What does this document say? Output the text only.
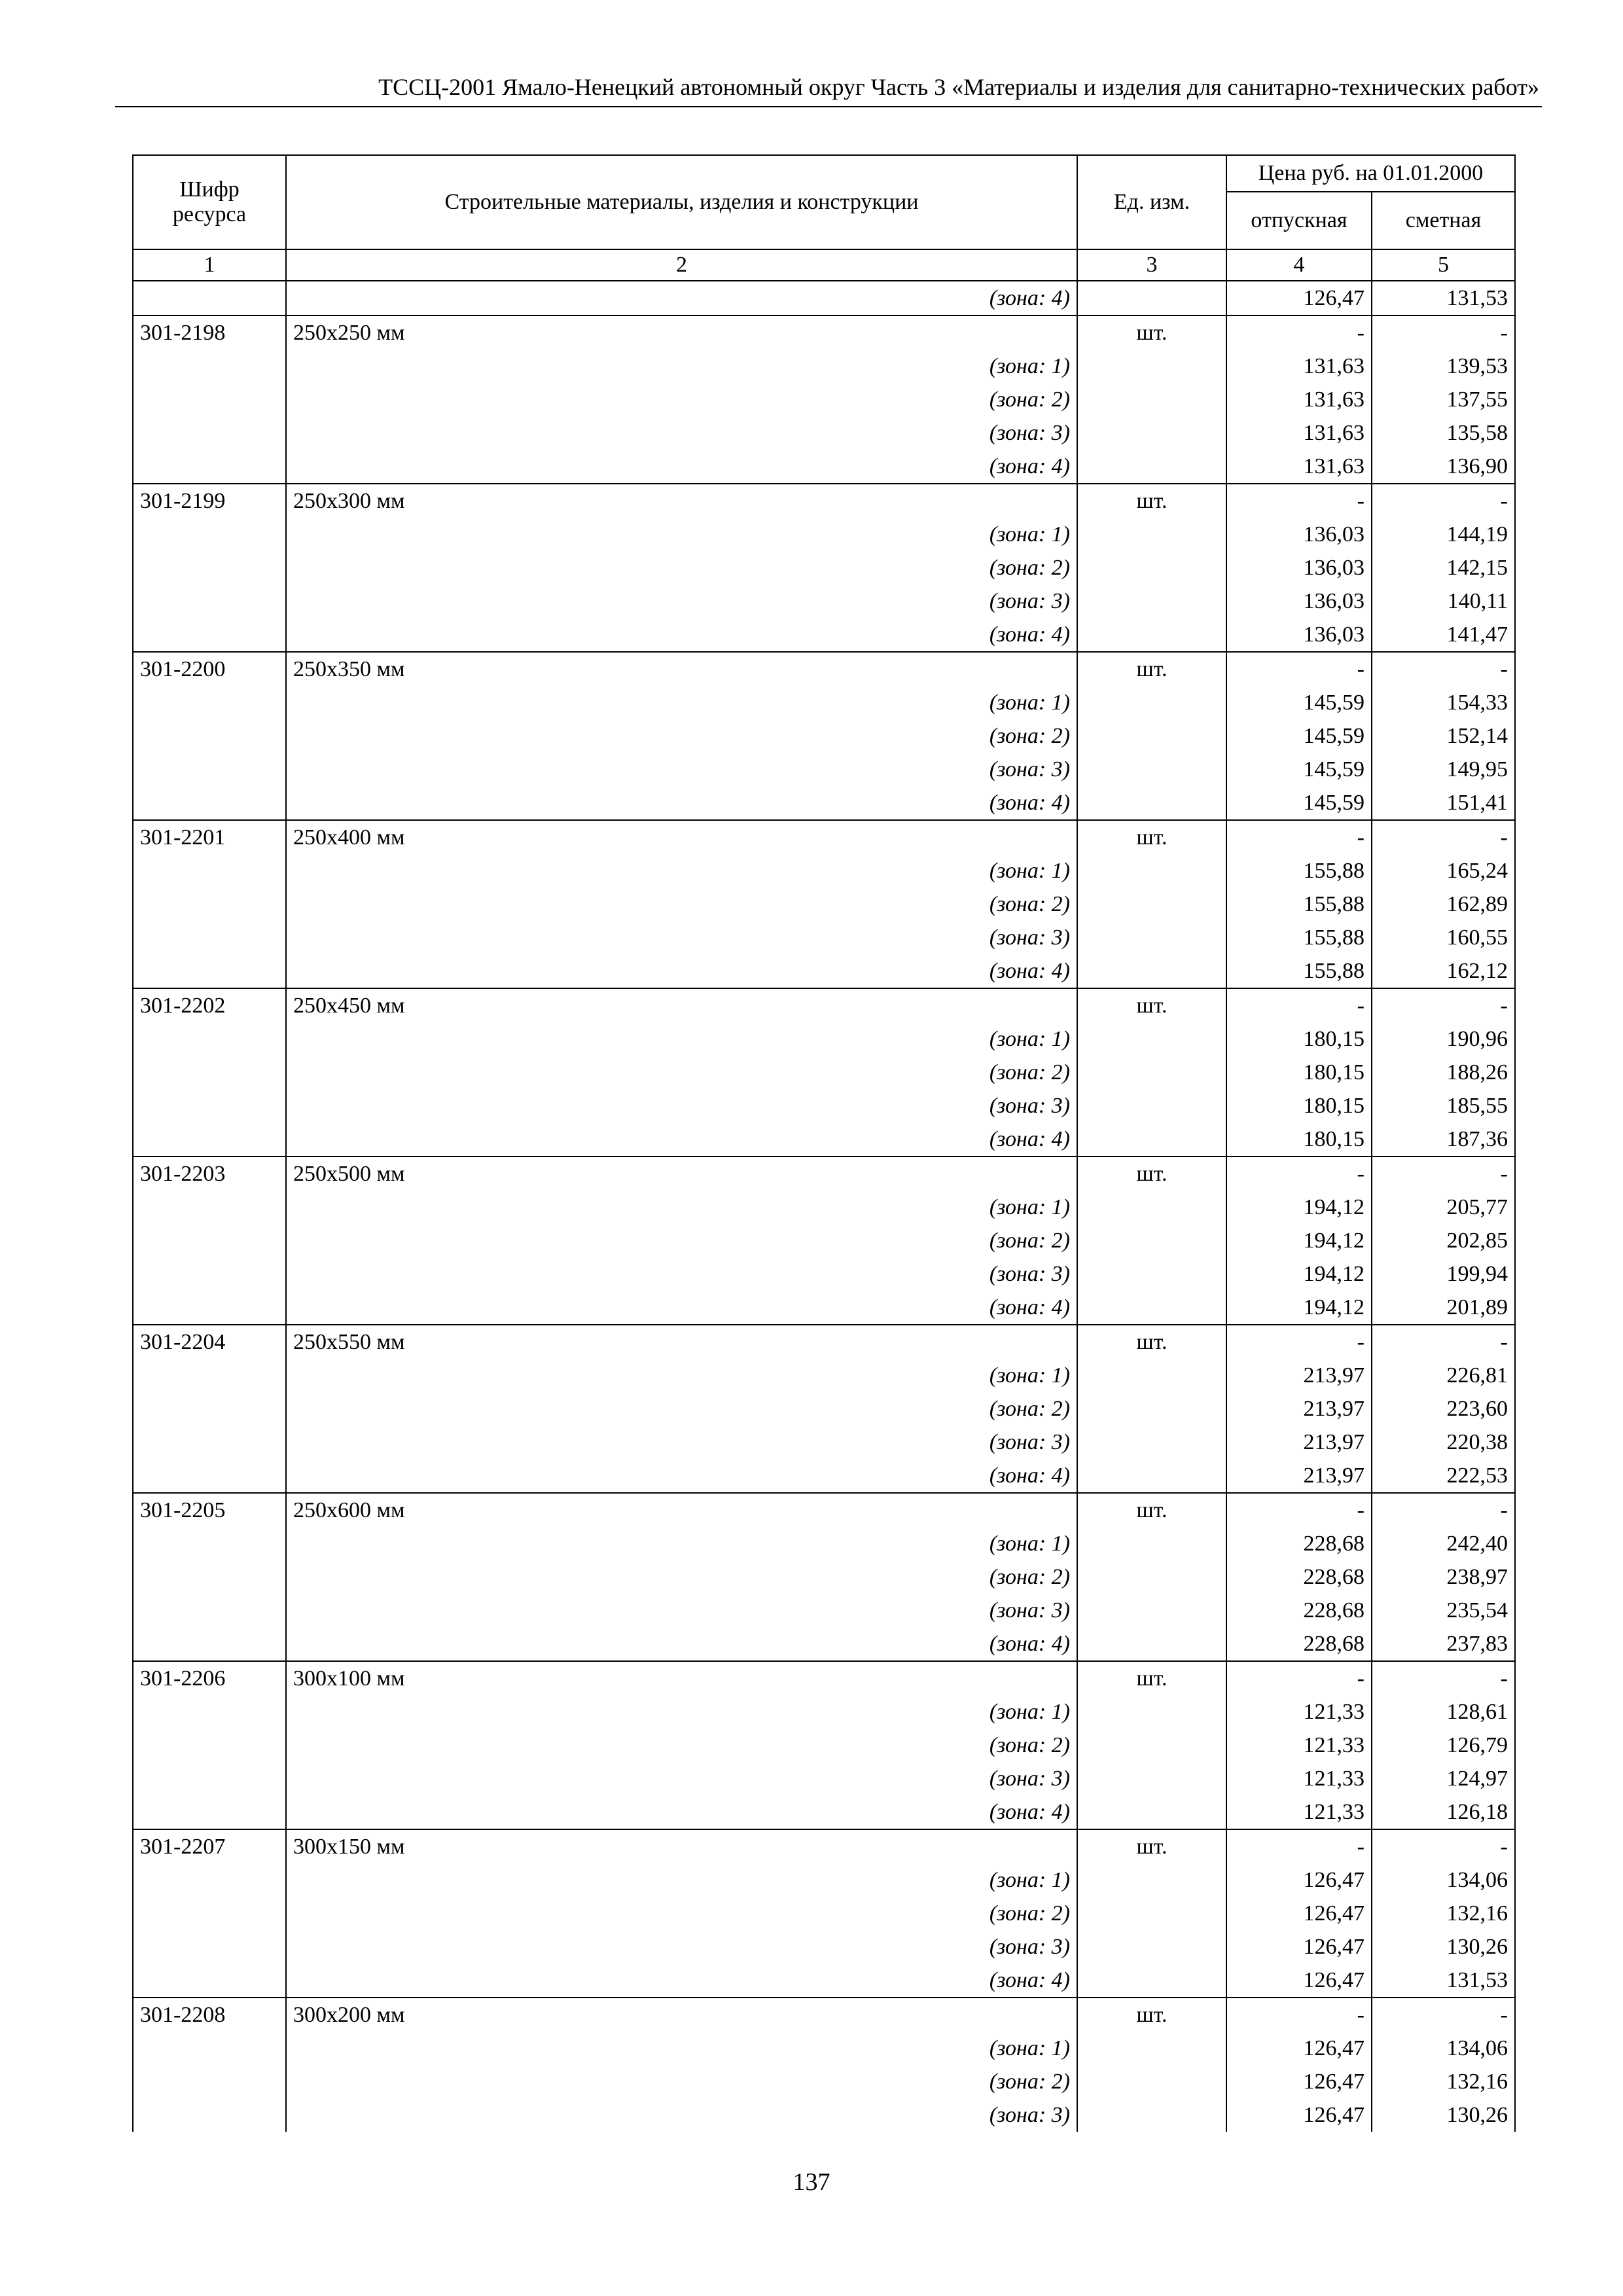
ТССЦ-2001 Ямало-Ненецкий автономный округ Часть 3 «Материалы и изделия для санитарно-технических работ»
Шифр ресурса	Строительные материалы, изделия и конструкции	Ед. изм.	Цена руб. на 01.01.2000	
			отпускная	сметная
1	2	3	4	5
	(зона: 4)		126,47	131,53
301-2198	250х250 мм	шт.	-	-
	(зона: 1)		131,63	139,53
	(зона: 2)		131,63	137,55
	(зона: 3)		131,63	135,58
	(зона: 4)		131,63	136,90
301-2199	250х300 мм	шт.	-	-
	(зона: 1)		136,03	144,19
	(зона: 2)		136,03	142,15
	(зона: 3)		136,03	140,11
	(зона: 4)		136,03	141,47
301-2200	250х350 мм	шт.	-	-
	(зона: 1)		145,59	154,33
	(зона: 2)		145,59	152,14
	(зона: 3)		145,59	149,95
	(зона: 4)		145,59	151,41
301-2201	250х400 мм	шт.	-	-
	(зона: 1)		155,88	165,24
	(зона: 2)		155,88	162,89
	(зона: 3)		155,88	160,55
	(зона: 4)		155,88	162,12
301-2202	250х450 мм	шт.	-	-
	(зона: 1)		180,15	190,96
	(зона: 2)		180,15	188,26
	(зона: 3)		180,15	185,55
	(зона: 4)		180,15	187,36
301-2203	250х500 мм	шт.	-	-
	(зона: 1)		194,12	205,77
	(зона: 2)		194,12	202,85
	(зона: 3)		194,12	199,94
	(зона: 4)		194,12	201,89
301-2204	250х550 мм	шт.	-	-
	(зона: 1)		213,97	226,81
	(зона: 2)		213,97	223,60
	(зона: 3)		213,97	220,38
	(зона: 4)		213,97	222,53
301-2205	250х600 мм	шт.	-	-
	(зона: 1)		228,68	242,40
	(зона: 2)		228,68	238,97
	(зона: 3)		228,68	235,54
	(зона: 4)		228,68	237,83
301-2206	300х100 мм	шт.	-	-
	(зона: 1)		121,33	128,61
	(зона: 2)		121,33	126,79
	(зона: 3)		121,33	124,97
	(зона: 4)		121,33	126,18
301-2207	300х150 мм	шт.	-	-
	(зона: 1)		126,47	134,06
	(зона: 2)		126,47	132,16
	(зона: 3)		126,47	130,26
	(зона: 4)		126,47	131,53
301-2208	300х200 мм	шт.	-	-
	(зона: 1)		126,47	134,06
	(зона: 2)		126,47	132,16
	(зона: 3)		126,47	130,26
137
